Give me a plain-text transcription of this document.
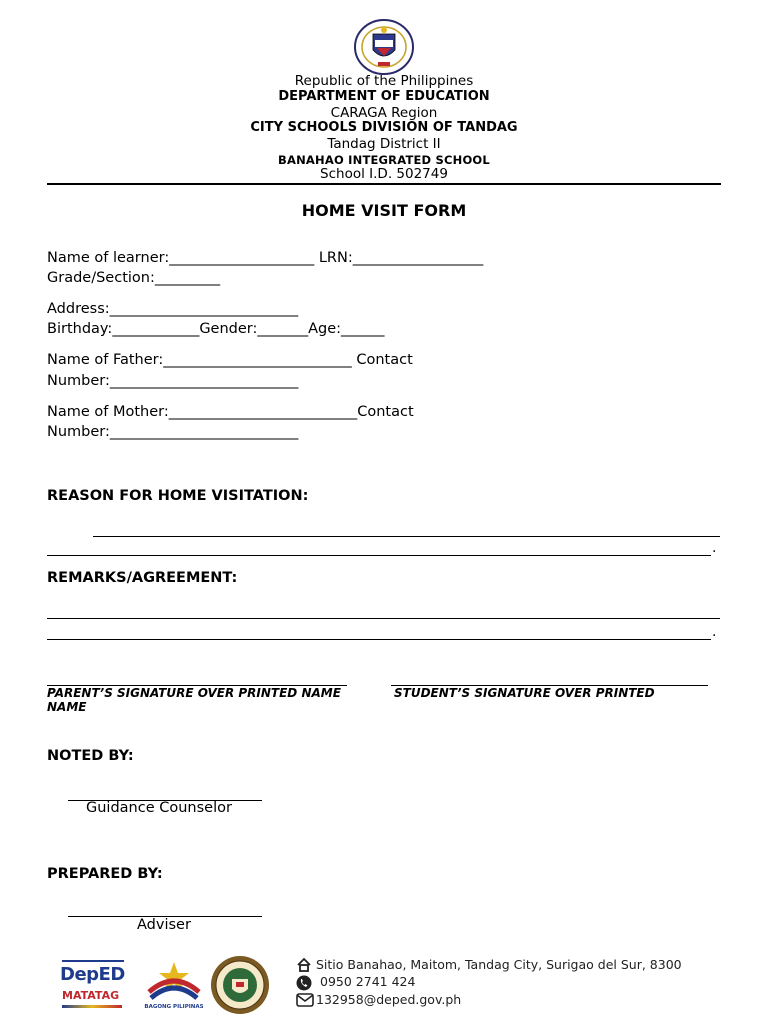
Republic of the Philippines
DEPARTMENT OF EDUCATION
CARAGA Region
CITY SCHOOLS DIVISION OF TANDAG
Tandag District II
BANAHAO INTEGRATED SCHOOL
School I.D. 502749
HOME VISIT FORM
Name of learner:____________________ LRN:__________________
Grade/Section:_________
Address:__________________________
Birthday:____________Gender:_______Age:______
Name of Father:__________________________ Contact
Number:__________________________
Name of Mother:__________________________Contact
Number:__________________________
REASON FOR HOME VISITATION:
.
REMARKS/AGREEMENT:
.
PARENT’S SIGNATURE OVER PRINTED NAME
NAME
STUDENT’S SIGNATURE OVER PRINTED
NOTED BY:
Guidance Counselor
PREPARED BY:
Adviser
DepED
MATATAG
BAGONG PILIPINAS
Sitio Banahao, Maitom, Tandag City, Surigao del Sur, 8300
0950 2741 424
132958@deped.gov.ph
